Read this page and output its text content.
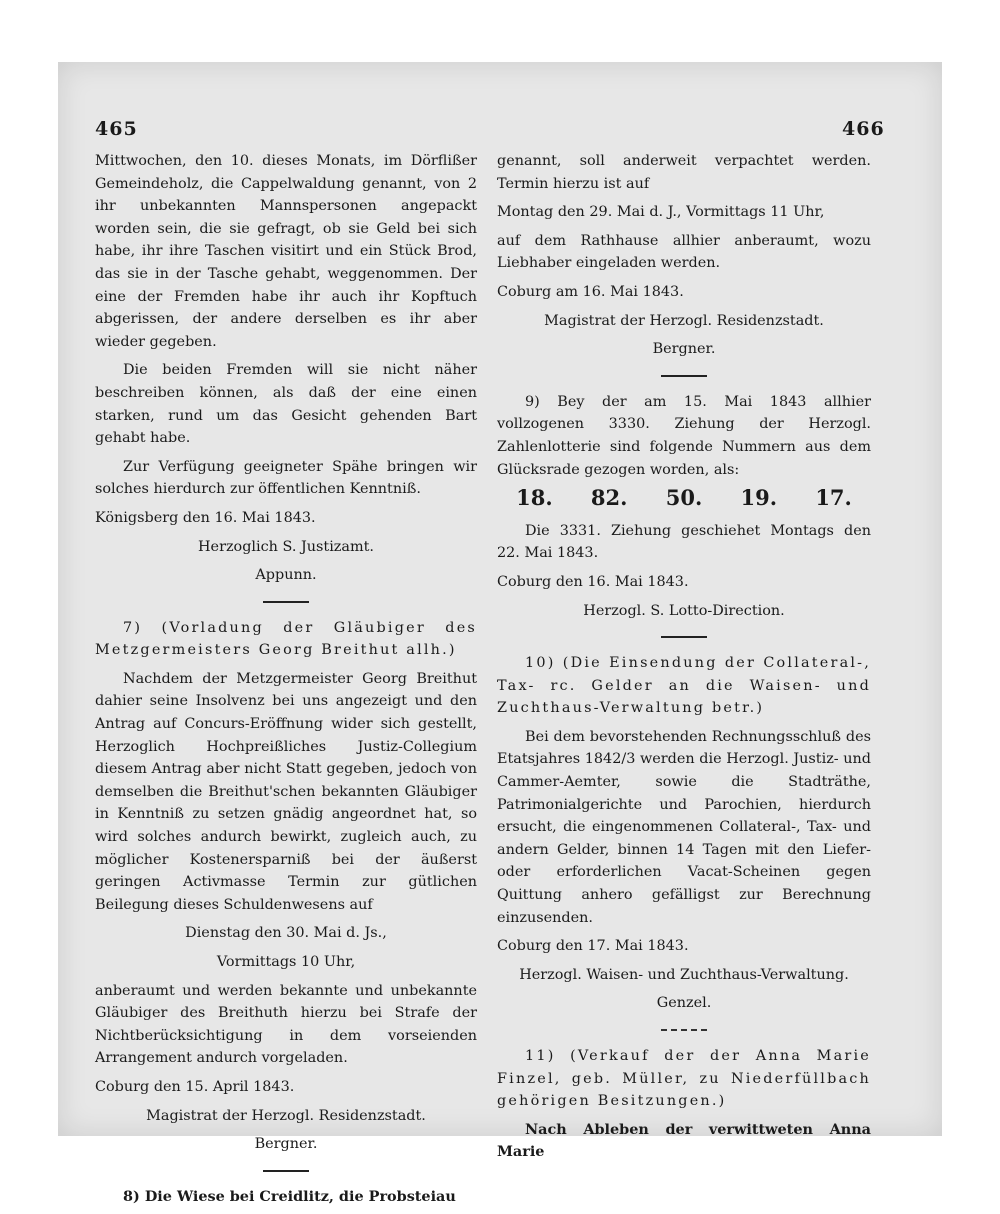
465	466

Mittwochen, den 10. dieses Monats, im Dörflißer Gemeindeholz, die Cappelwaldung genannt, von 2 ihr unbekannten Mannspersonen angepackt worden sein, die sie gefragt, ob sie Geld bei sich habe, ihr ihre Taschen visitirt und ein Stück Brod, das sie in der Tasche gehabt, weggenommen. Der eine der Fremden habe ihr auch ihr Kopftuch abgerissen, der andere derselben es ihr aber wieder gegeben.

Die beiden Fremden will sie nicht näher beschreiben können, als daß der eine einen starken, rund um das Gesicht gehenden Bart gehabt habe.

Zur Verfügung geeigneter Spähe bringen wir solches hierdurch zur öffentlichen Kenntniß.

Königsberg den 16. Mai 1843.

Herzoglich S. Justizamt.
Appunn.

7) (Vorladung der Gläubiger des Metzgermeisters Georg Breithut allh.)

Nachdem der Metzgermeister Georg Breithut dahier seine Insolvenz bei uns angezeigt und den Antrag auf Concurs-Eröffnung wider sich gestellt, Herzoglich Hochpreißliches Justiz-Collegium diesem Antrag aber nicht Statt gegeben, jedoch von demselben die Breithut'schen bekannten Gläubiger in Kenntniß zu setzen gnädig angeordnet hat, so wird solches andurch bewirkt, zugleich auch, zu möglicher Kostenersparniß bei der äußerst geringen Activmasse Termin zur gütlichen Beilegung dieses Schuldenwesens auf

Dienstag den 30. Mai d. Js.,
Vormittags 10 Uhr,

anberaumt und werden bekannte und unbekannte Gläubiger des Breithuth hierzu bei Strafe der Nichtberücksichtigung in dem vorseienden Arrangement andurch vorgeladen.

Coburg den 15. April 1843.

Magistrat der Herzogl. Residenzstadt.
Bergner.

8) Die Wiese bei Creidlitz, die Probsteiau

genannt, soll anderweit verpachtet werden. Termin hierzu ist auf

Montag den 29. Mai d. J., Vormittags 11 Uhr,

auf dem Rathhause allhier anberaumt, wozu Liebhaber eingeladen werden.

Coburg am 16. Mai 1843.

Magistrat der Herzogl. Residenzstadt.
Bergner.

9) Bey der am 15. Mai 1843 allhier vollzogenen 3330. Ziehung der Herzogl. Zahlenlotterie sind folgende Nummern aus dem Glücksrade gezogen worden, als:

18. 82. 50. 19. 17.

Die 3331. Ziehung geschiehet Montags den 22. Mai 1843.

Coburg den 16. Mai 1843.

Herzogl. S. Lotto-Direction.

10) (Die Einsendung der Collateral-, Tax- rc. Gelder an die Waisen- und Zuchthaus-Verwaltung betr.)

Bei dem bevorstehenden Rechnungsschluß des Etatsjahres 1842/3 werden die Herzogl. Justiz- und Cammer-Aemter, sowie die Stadträthe, Patrimonialgerichte und Parochien, hierdurch ersucht, die eingenommenen Collateral-, Tax- und andern Gelder, binnen 14 Tagen mit den Liefer- oder erforderlichen Vacat-Scheinen gegen Quittung anhero gefälligst zur Berechnung einzusenden.

Coburg den 17. Mai 1843.

Herzogl. Waisen- und Zuchthaus-Verwaltung.
Genzel.

11) (Verkauf der der Anna Marie Finzel, geb. Müller, zu Niederfüllbach gehörigen Besitzungen.)

Nach Ableben der verwittweten Anna Marie
